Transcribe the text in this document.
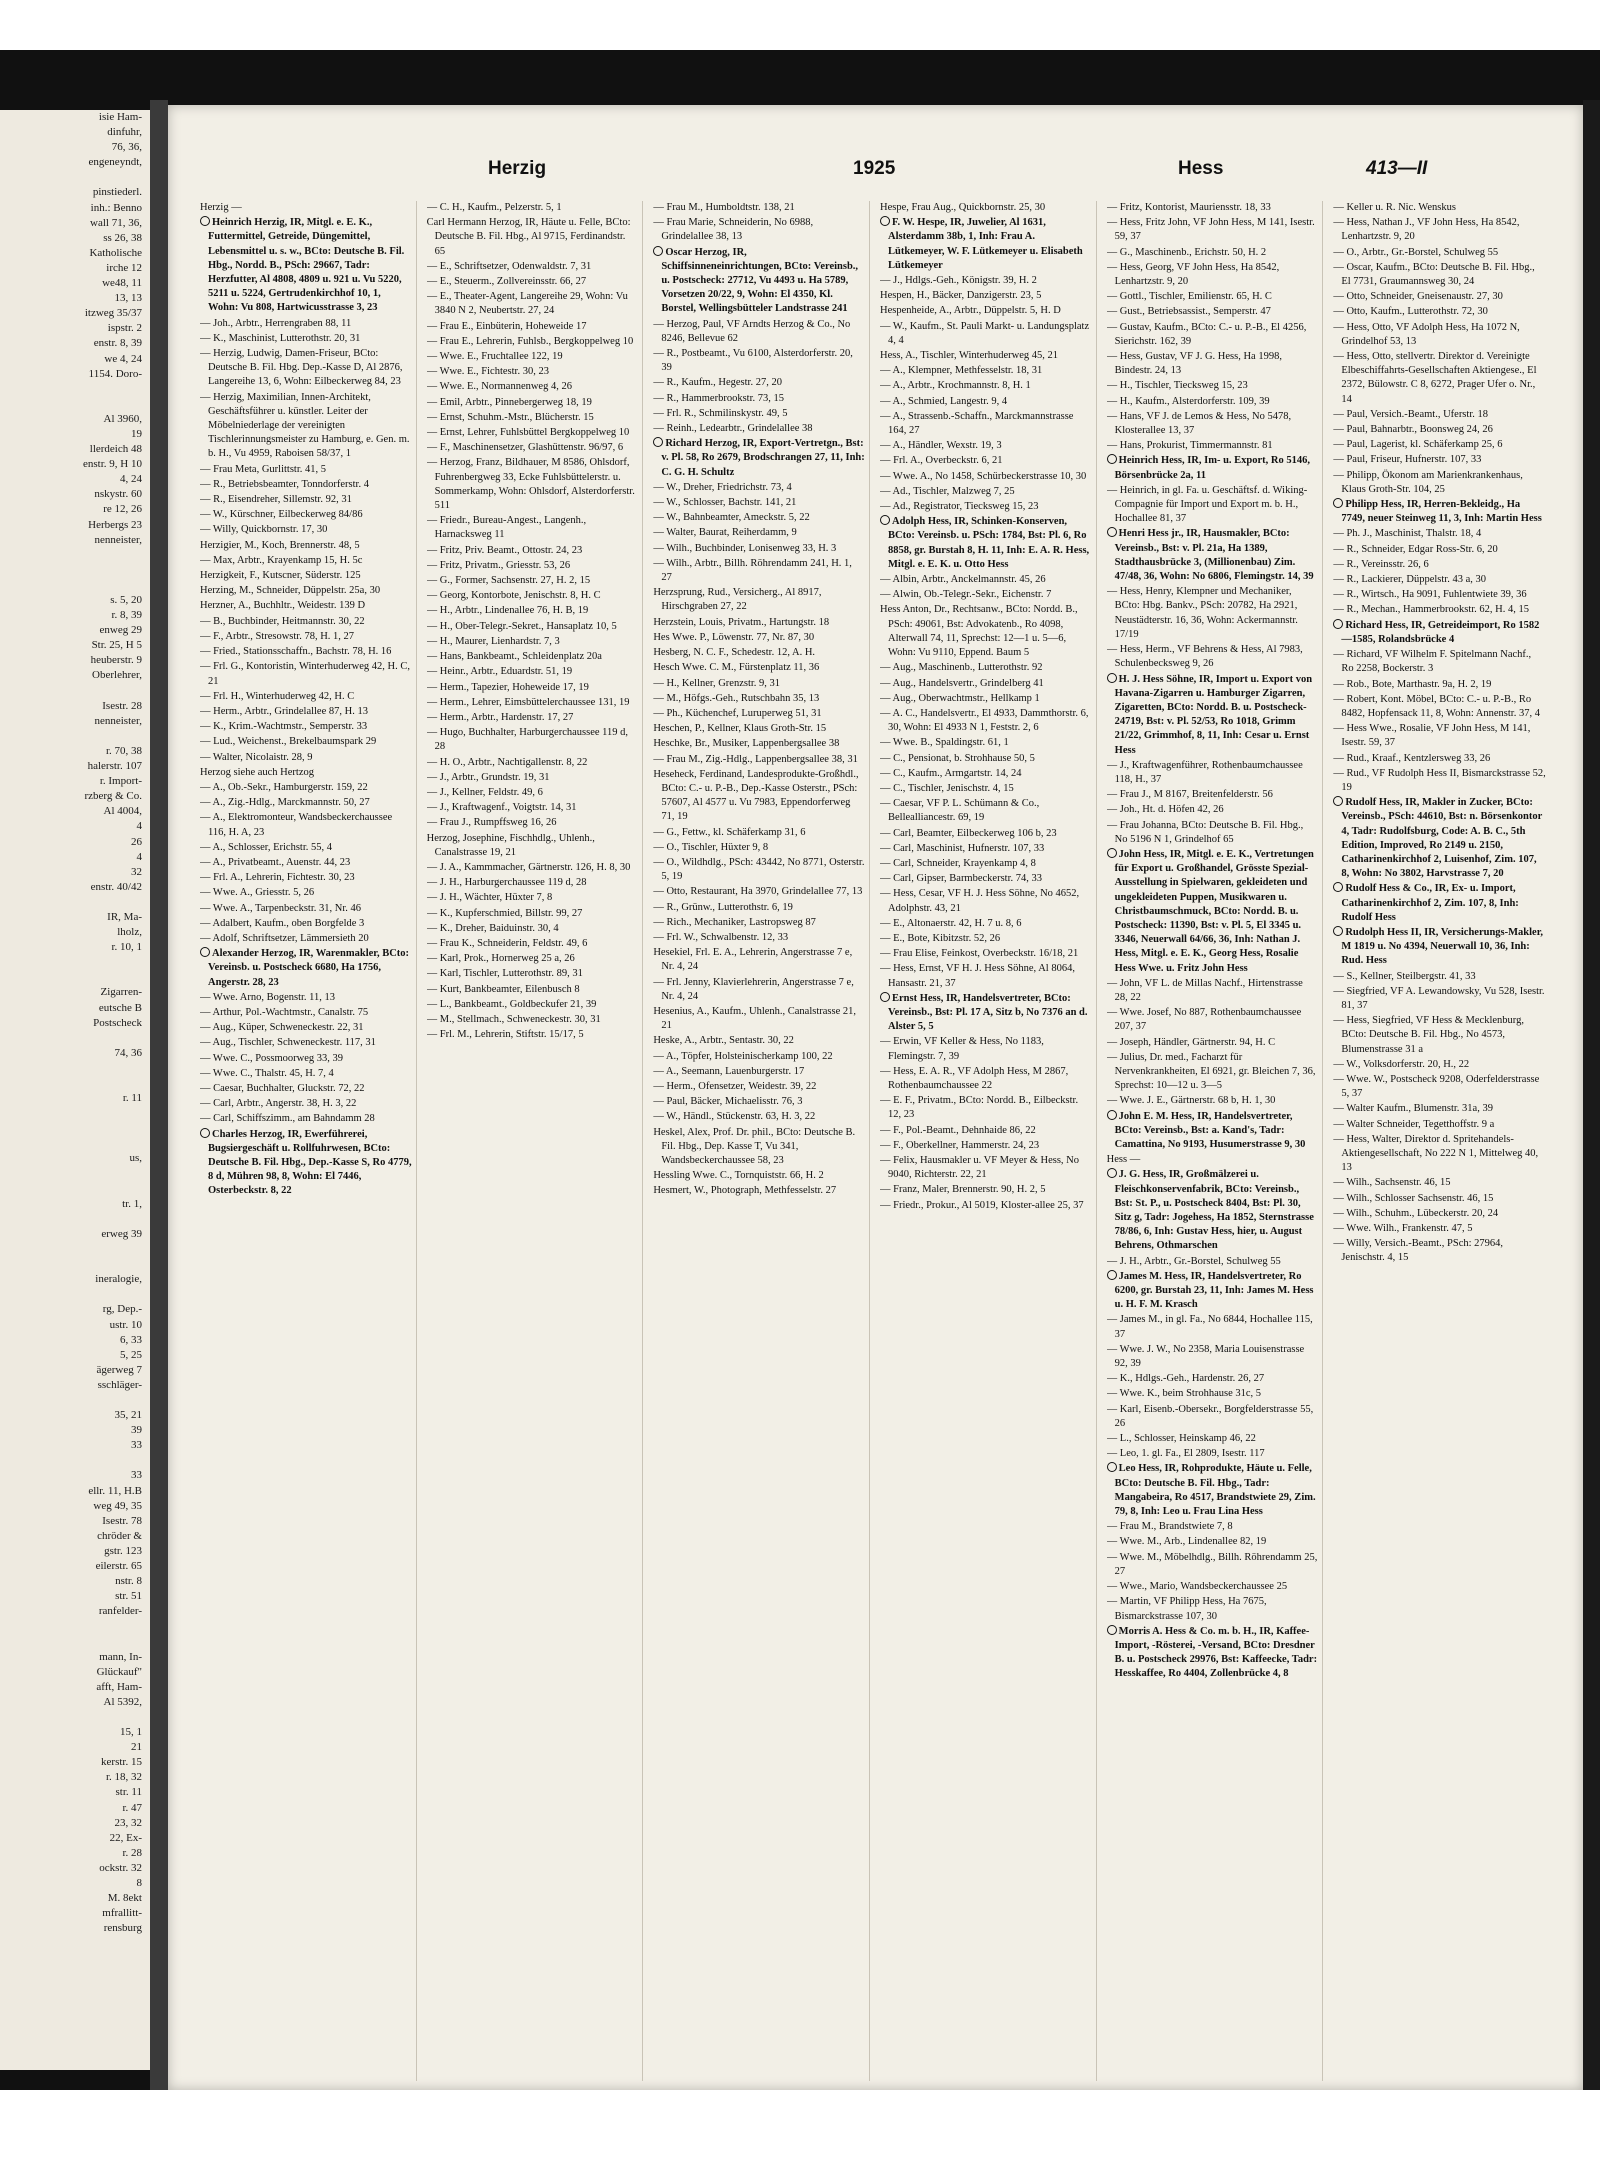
isie Ham-
dinfuhr,
76, 36,
engeneyndt,

pinstiederl.
inh.: Benno
wall 71, 36,
ss 26, 38
Katholische
irche 12
we48, 11
13, 13
itzweg 35/37
ispstr. 2
enstr. 8, 39
we 4, 24
1154. Doro-

Al 3960,
19
llerdeich 48
enstr. 9, H 10
4, 24
nskystr. 60
re 12, 26
Herbergs 23
nenneister,

s. 5, 20
r. 8, 39
enweg 29
Str. 25, H 5
heuberstr. 9
Oberlehrer,

Isestr. 28
nenneister,

r. 70, 38
halerstr. 107
r. Import-
rzberg & Co.
Al 4004,
4
26
4
32
enstr. 40/42

IR, Ma-
lholz,
r. 10, 1

Zigarren-
eutsche B
Postscheck

74, 36

r. 11

us,

tr. 1,

erweg 39

ineralogie,

rg, Dep.-
ustr. 10
6, 33
5, 25
ägerweg 7
sschläger-

35, 21
39
33

33
ellr. 11, H.B
weg 49, 35
Isestr. 78
chröder &
gstr. 123
eilerstr. 65
nstr. 8
str. 51
ranfelder-

mann, In-
Glückauf"
afft, Ham-
Al 5392,

15, 1
21
kerstr. 15
r. 18, 32
str. 11
r. 47
23, 32
22, Ex-
r. 28
ockstr. 32
8
M. 8ekt
mfrallitt-
rensburg
Herzig	1925	Hess	413—II
Herzig —
Heinrich Herzig, IR, Mitgl. e. E. K., Futtermittel, Getreide, Düngemittel, Lebensmittel u. s. w., BCto: Deutsche B. Fil. Hbg., Nordd. B., PSch: 29667, Tadr: Herzfutter, Al 4808, 4809 u. 921 u. Vu 5220, 5211 u. 5224, Gertrudenkirchhof 10, 1, Wohn: Vu 808, Hartwicusstrasse 3, 23
— Joh., Arbtr., Herrengraben 88, 11
— K., Maschinist, Lutterothstr. 20, 31
— Herzig, Ludwig, Damen-Friseur, BCto: Deutsche B. Fil. Hbg. Dep.-Kasse D, Al 2876, Langereihe 13, 6, Wohn: Eilbeckerweg 84, 23
— Herzig, Maximilian, Innen-Architekt, Geschäftsführer u. künstler. Leiter der Möbelniederlage der vereinigten Tischlerinnungsmeister zu Hamburg, e. Gen. m. b. H., Vu 4959, Raboisen 58/37, 1
— Frau Meta, Gurlittstr. 41, 5
— R., Betriebsbeamter, Tonndorferstr. 4
— R., Eisendreher, Sillemstr. 92, 31
— W., Kürschner, Eilbeckerweg 84/86
— Willy, Quickbornstr. 17, 30
Herzigier, M., Koch, Brennerstr. 48, 5
— Max, Arbtr., Krayenkamp 15, H. 5c
Herzigkeit, F., Kutscner, Süderstr. 125
Herzing, M., Schneider, Düppelstr. 25a, 30
Herzner, A., Buchhltr., Weidestr. 139 D
— B., Buchbinder, Heitmannstr. 30, 22
— F., Arbtr., Stresowstr. 78, H. 1, 27
— Fried., Stationsschaffn., Bachstr. 78, H. 16
— Frl. G., Kontoristin, Winterhuderweg 42, H. C, 21
— Frl. H., Winterhuderweg 42, H. C
— Herm., Arbtr., Grindelallee 87, H. 13
— K., Krim.-Wachtmstr., Semperstr. 33
— Lud., Weichenst., Brekelbaumspark 29
— Walter, Nicolaistr. 28, 9
Herzog siehe auch Hertzog
— A., Ob.-Sekr., Hamburgerstr. 159, 22
— A., Zig.-Hdlg., Marckmannstr. 50, 27
— A., Elektromonteur, Wandsbeckerchaussee 116, H. A, 23
— A., Schlosser, Erichstr. 55, 4
— A., Privatbeamt., Auenstr. 44, 23
— Frl. A., Lehrerin, Fichtestr. 30, 23
— Wwe. A., Griesstr. 5, 26
— Wwe. A., Tarpenbeckstr. 31, Nr. 46
— Adalbert, Kaufm., oben Borgfelde 3
— Adolf, Schriftsetzer, Lämmersieth 20
Alexander Herzog, IR, Warenmakler, BCto: Vereinsb. u. Postscheck 6680, Ha 1756, Angerstr. 28, 23
— Wwe. Arno, Bogenstr. 11, 13
— Arthur, Pol.-Wachtmstr., Canalstr. 75
— Aug., Küper, Schweneckestr. 22, 31
— Aug., Tischler, Schweneckestr. 117, 31
— Wwe. C., Possmoorweg 33, 39
— Wwe. C., Thalstr. 45, H. 7, 4
— Caesar, Buchhalter, Gluckstr. 72, 22
— Carl, Arbtr., Angerstr. 38, H. 3, 22
— Carl, Schiffszimm., am Bahndamm 28
Charles Herzog, IR, Ewerführerei, Bugsiergeschäft u. Rollfuhrwesen, BCto: Deutsche B. Fil. Hbg., Dep.-Kasse S, Ro 4779, 8 d, Mühren 98, 8, Wohn: El 7446, Osterbeckstr. 8, 22
— C. H., Kaufm., Pelzerstr. 5, 1
Carl Hermann Herzog, IR, Häute u. Felle, BCto: Deutsche B. Fil. Hbg., Al 9715, Ferdinandstr. 65
— E., Schriftsetzer, Odenwaldstr. 7, 31
— E., Steuerm., Zollvereinsstr. 66, 27
— E., Theater-Agent, Langereihe 29, Wohn: Vu 3840 N 2, Neubertstr. 27, 24
— Frau E., Einbüterin, Hoheweide 17
— Frau E., Lehrerin, Fuhlsb., Bergkoppelweg 10
— Wwe. E., Fruchtallee 122, 19
— Wwe. E., Fichtestr. 30, 23
— Wwe. E., Normannenweg 4, 26
— Emil, Arbtr., Pinnebergerweg 18, 19
— Ernst, Schuhm.-Mstr., Blücherstr. 15
— Ernst, Lehrer, Fuhlsbüttel Bergkoppelweg 10
— F., Maschinensetzer, Glashüttenstr. 96/97, 6
— Herzog, Franz, Bildhauer, M 8586, Ohlsdorf, Fuhrenbergweg 33, Ecke Fuhlsbüttelerstr. u. Sommerkamp, Wohn: Ohlsdorf, Alsterdorferstr. 511
— Friedr., Bureau-Angest., Langenh., Harnacksweg 11
— Fritz, Priv. Beamt., Ottostr. 24, 23
— Fritz, Privatm., Griesstr. 53, 26
— G., Former, Sachsenstr. 27, H. 2, 15
— Georg, Kontorbote, Jenischstr. 8, H. C
— H., Arbtr., Lindenallee 76, H. B, 19
— H., Ober-Telegr.-Sekret., Hansaplatz 10, 5
— H., Maurer, Lienhardstr. 7, 3
— Hans, Bankbeamt., Schleidenplatz 20a
— Heinr., Arbtr., Eduardstr. 51, 19
— Herm., Tapezier, Hoheweide 17, 19
— Herm., Lehrer, Eimsbüttelerchaussee 131, 19
— Herm., Arbtr., Hardenstr. 17, 27
— Hugo, Buchhalter, Harburgerchaussee 119 d, 28
— H. O., Arbtr., Nachtigallenstr. 8, 22
— J., Arbtr., Grundstr. 19, 31
— J., Kellner, Feldstr. 49, 6
— J., Kraftwagenf., Voigtstr. 14, 31
— Frau J., Rumpffsweg 16, 26
Herzog, Josephine, Fischhdlg., Uhlenh., Canalstrasse 19, 21
— J. A., Kammmacher, Gärtnerstr. 126, H. 8, 30
— J. H., Harburgerchaussee 119 d, 28
— J. H., Wächter, Hüxter 7, 8
— K., Kupferschmied, Billstr. 99, 27
— K., Dreher, Baiduinstr. 30, 4
— Frau K., Schneiderin, Feldstr. 49, 6
— Karl, Prok., Hornerweg 25 a, 26
— Karl, Tischler, Lutterothstr. 89, 31
— Kurt, Bankbeamter, Eilenbusch 8
— L., Bankbeamt., Goldbeckufer 21, 39
— M., Stellmach., Schweneckestr. 30, 31
— Frl. M., Lehrerin, Stiftstr. 15/17, 5
— Frau M., Humboldtstr. 138, 21
— Frau Marie, Schneiderin, No 6988, Grindelallee 38, 13
Oscar Herzog, IR, Schiffsinneneinrichtungen, BCto: Vereinsb., u. Postscheck: 27712, Vu 4493 u. Ha 5789, Vorsetzen 20/22, 9, Wohn: El 4350, Kl. Borstel, Wellingsbütteler Landstrasse 241
— Herzog, Paul, VF Arndts Herzog & Co., No 8246, Bellevue 62
— R., Postbeamt., Vu 6100, Alsterdorferstr. 20, 39
— R., Kaufm., Hegestr. 27, 20
— R., Hammerbrookstr. 73, 15
— Frl. R., Schmilinskystr. 49, 5
— Reinh., Ledearbtr., Grindelallee 38
Richard Herzog, IR, Export-Vertretgn., Bst: v. Pl. 58, Ro 2679, Brodschrangen 27, 11, Inh: C. G. H. Schultz
— W., Dreher, Friedrichstr. 73, 4
— W., Schlosser, Bachstr. 141, 21
— W., Bahnbeamter, Ameckstr. 5, 22
— Walter, Baurat, Reiherdamm, 9
— Wilh., Buchbinder, Lonisenweg 33, H. 3
— Wilh., Arbtr., Billh. Röhrendamm 241, H. 1, 27
Herzsprung, Rud., Versicherg., Al 8917, Hirschgraben 27, 22
Herzstein, Louis, Privatm., Hartungstr. 18
Hes Wwe. P., Löwenstr. 77, Nr. 87, 30
Hesberg, N. C. F., Schedestr. 12, A. H.
Hesch Wwe. C. M., Fürstenplatz 11, 36
— H., Kellner, Grenzstr. 9, 31
— M., Höfgs.-Geh., Rutschbahn 35, 13
— Ph., Küchenchef, Luruperweg 51, 31
Heschen, P., Kellner, Klaus Groth-Str. 15
Heschke, Br., Musiker, Lappenbergsallee 38
— Frau M., Zig.-Hdlg., Lappenbergsallee 38, 31
Heseheck, Ferdinand, Landesprodukte-Großhdl., BCto: C.- u. P.-B., Dep.-Kasse Osterstr., PSch: 57607, Al 4577 u. Vu 7983, Eppendorferweg 71, 19
— G., Fettw., kl. Schäferkamp 31, 6
— O., Tischler, Hüxter 9, 8
— O., Wildhdlg., PSch: 43442, No 8771, Osterstr. 5, 19
— Otto, Restaurant, Ha 3970, Grindelallee 77, 13
— R., Grünw., Lutterothstr. 6, 19
— Rich., Mechaniker, Lastropsweg 87
— Frl. W., Schwalbenstr. 12, 33
Hesekiel, Frl. E. A., Lehrerin, Angerstrasse 7 e, Nr. 4, 24
— Frl. Jenny, Klavierlehrerin, Angerstrasse 7 e, Nr. 4, 24
Hesenius, A., Kaufm., Uhlenh., Canalstrasse 21, 21
Heske, A., Arbtr., Sentastr. 30, 22
— A., Töpfer, Holsteinischerkamp 100, 22
— A., Seemann, Lauenburgerstr. 17
— Herm., Ofensetzer, Weidestr. 39, 22
— Paul, Bäcker, Michaelisstr. 76, 3
— W., Händl., Stückenstr. 63, H. 3, 22
Heskel, Alex, Prof. Dr. phil., BCto: Deutsche B. Fil. Hbg., Dep. Kasse T, Vu 341, Wandsbeckerchaussee 58, 23
Hessling Wwe. C., Tornquiststr. 66, H. 2
Hesmert, W., Photograph, Methfesselstr. 27
Hespe, Frau Aug., Quickbornstr. 25, 30
F. W. Hespe, IR, Juwelier, Al 1631, Alsterdamm 38b, 1, Inh: Frau A. Lütkemeyer, W. F. Lütkemeyer u. Elisabeth Lütkemeyer
— J., Hdlgs.-Geh., Königstr. 39, H. 2
Hespen, H., Bäcker, Danzigerstr. 23, 5
Hespenheide, A., Arbtr., Düppelstr. 5, H. D
— W., Kaufm., St. Pauli Markt- u. Landungsplatz 4, 4
Hess, A., Tischler, Winterhuderweg 45, 21
— A., Klempner, Methfesselstr. 18, 31
— A., Arbtr., Krochmannstr. 8, H. 1
— A., Schmied, Langestr. 9, 4
— A., Strassenb.-Schaffn., Marckmannstrasse 164, 27
— A., Händler, Wexstr. 19, 3
— Frl. A., Overbeckstr. 6, 21
— Wwe. A., No 1458, Schürbeckerstrasse 10, 30
— Ad., Tischler, Malzweg 7, 25
— Ad., Registrator, Tiecksweg 15, 23
Adolph Hess, IR, Schinken-Konserven, BCto: Vereinsb. u. PSch: 1784, Bst: Pl. 6, Ro 8858, gr. Burstah 8, H. 11, Inh: E. A. R. Hess, Mitgl. e. E. K. u. Otto Hess
— Albin, Arbtr., Anckelmannstr. 45, 26
— Alwin, Ob.-Telegr.-Sekr., Eichenstr. 7
Hess Anton, Dr., Rechtsanw., BCto: Nordd. B., PSch: 49061, Bst: Advokatenb., Ro 4098, Alterwall 74, 11, Sprechst: 12—1 u. 5—6, Wohn: Vu 9110, Eppend. Baum 5
— Aug., Maschinenb., Lutterothstr. 92
— Aug., Handelsvertr., Grindelberg 41
— Aug., Oberwachtmstr., Hellkamp 1
— A. C., Handelsvertr., El 4933, Dammthorstr. 6, 30, Wohn: El 4933 N 1, Feststr. 2, 6
— Wwe. B., Spaldingstr. 61, 1
— C., Pensionat, b. Strohhause 50, 5
— C., Kaufm., Armgartstr. 14, 24
— C., Tischler, Jenischstr. 4, 15
— Caesar, VF P. L. Schümann & Co., Bellealliancestr. 69, 19
— Carl, Beamter, Eilbeckerweg 106 b, 23
— Carl, Maschinist, Hufnerstr. 107, 33
— Carl, Schneider, Krayenkamp 4, 8
— Carl, Gipser, Barmbeckerstr. 74, 33
— Hess, Cesar, VF H. J. Hess Söhne, No 4652, Adolphstr. 43, 21
— E., Altonaerstr. 42, H. 7 u. 8, 6
— E., Bote, Kibitzstr. 52, 26
— Frau Elise, Feinkost, Overbeckstr. 16/18, 21
— Hess, Ernst, VF H. J. Hess Söhne, Al 8064, Hansastr. 21, 37
Ernst Hess, IR, Handelsvertreter, BCto: Vereinsb., Bst: Pl. 17 A, Sitz b, No 7376 an d. Alster 5, 5
— Erwin, VF Keller & Hess, No 1183, Flemingstr. 7, 39
— Hess, E. A. R., VF Adolph Hess, M 2867, Rothenbaumchaussee 22
— E. F., Privatm., BCto: Nordd. B., Eilbeckstr. 12, 23
— F., Pol.-Beamt., Dehnhaide 86, 22
— F., Oberkellner, Hammerstr. 24, 23
— Felix, Hausmakler u. VF Meyer & Hess, No 9040, Richterstr. 22, 21
— Franz, Maler, Brennerstr. 90, H. 2, 5
— Friedr., Prokur., Al 5019, Kloster-allee 25, 37
— Fritz, Kontorist, Mauriensstr. 18, 33
— Hess, Fritz John, VF John Hess, M 141, Isestr. 59, 37
— G., Maschinenb., Erichstr. 50, H. 2
— Hess, Georg, VF John Hess, Ha 8542, Lenhartzstr. 9, 20
— Gottl., Tischler, Emilienstr. 65, H. C
— Gust., Betriebsassist., Semperstr. 47
— Gustav, Kaufm., BCto: C.- u. P.-B., El 4256, Sierichstr. 162, 39
— Hess, Gustav, VF J. G. Hess, Ha 1998, Bindestr. 24, 13
— H., Tischler, Tiecksweg 15, 23
— H., Kaufm., Alsterdorferstr. 109, 39
— Hans, VF J. de Lemos & Hess, No 5478, Klosterallee 13, 37
— Hans, Prokurist, Timmermannstr. 81
Heinrich Hess, IR, Im- u. Export, Ro 5146, Börsenbrücke 2a, 11
— Heinrich, in gl. Fa. u. Geschäftsf. d. Wiking-Compagnie für Import und Export m. b. H., Hochallee 81, 37
Henri Hess jr., IR, Hausmakler, BCto: Vereinsb., Bst: v. Pl. 21a, Ha 1389, Stadthausbrücke 3, (Millionenbau) Zim. 47/48, 36, Wohn: No 6806, Flemingstr. 14, 39
— Hess, Henry, Klempner und Mechaniker, BCto: Hbg. Bankv., PSch: 20782, Ha 2921, Neustädterstr. 16, 36, Wohn: Ackermannstr. 17/19
— Hess, Herm., VF Behrens & Hess, Al 7983, Schulenbecksweg 9, 26
H. J. Hess Söhne, IR, Import u. Export von Havana-Zigarren u. Hamburger Zigarren, Zigaretten, BCto: Nordd. B. u. Postscheck-24719, Bst: v. Pl. 52/53, Ro 1018, Grimm 21/22, Grimmhof, 8, 11, Inh: Cesar u. Ernst Hess
— J., Kraftwagenführer, Rothenbaumchaussee 118, H., 37
— Frau J., M 8167, Breitenfelderstr. 56
— Joh., Ht. d. Höfen 42, 26
— Frau Johanna, BCto: Deutsche B. Fil. Hbg., No 5196 N 1, Grindelhof 65
John Hess, IR, Mitgl. e. E. K., Vertretungen für Export u. Großhandel, Grösste Spezial-Ausstellung in Spielwaren, gekleideten und ungekleideten Puppen, Musikwaren u. Christbaumschmuck, BCto: Nordd. B. u. Postscheck: 11390, Bst: v. Pl. 5, El 3345 u. 3346, Neuerwall 64/66, 36, Inh: Nathan J. Hess, Mitgl. e. E. K., Georg Hess, Rosalie Hess Wwe. u. Fritz John Hess
— John, VF L. de Millas Nachf., Hirtenstrasse 28, 22
— Wwe. Josef, No 887, Rothenbaumchaussee 207, 37
— Joseph, Händler, Gärtnerstr. 94, H. C
— Julius, Dr. med., Facharzt für Nervenkrankheiten, El 6921, gr. Bleichen 7, 36, Sprechst: 10—12 u. 3—5
— Wwe. J. E., Gärtnerstr. 68 b, H. 1, 30
John E. M. Hess, IR, Handelsvertreter, BCto: Vereinsb., Bst: a. Kand's, Tadr: Camattina, No 9193, Husumerstrasse 9, 30
Hess —
J. G. Hess, IR, Großmälzerei u. Fleischkonservenfabrik, BCto: Vereinsb., Bst: St. P., u. Postscheck 8404, Bst: Pl. 30, Sitz g, Tadr: Jogehess, Ha 1852, Sternstrasse 78/86, 6, Inh: Gustav Hess, hier, u. August Behrens, Othmarschen
— J. H., Arbtr., Gr.-Borstel, Schulweg 55
James M. Hess, IR, Handelsvertreter, Ro 6200, gr. Burstah 23, 11, Inh: James M. Hess u. H. F. M. Krasch
— James M., in gl. Fa., No 6844, Hochallee 115, 37
— Wwe. J. W., No 2358, Maria Louisenstrasse 92, 39
— K., Hdlgs.-Geh., Hardenstr. 26, 27
— Wwe. K., beim Strohhause 31c, 5
— Karl, Eisenb.-Obersekr., Borgfelderstrasse 55, 26
— L., Schlosser, Heinskamp 46, 22
— Leo, 1. gl. Fa., El 2809, Isestr. 117
Leo Hess, IR, Rohprodukte, Häute u. Felle, BCto: Deutsche B. Fil. Hbg., Tadr: Mangabeira, Ro 4517, Brandstwiete 29, Zim. 79, 8, Inh: Leo u. Frau Lina Hess
— Frau M., Brandstwiete 7, 8
— Wwe. M., Arb., Lindenallee 82, 19
— Wwe. M., Möbelhdlg., Billh. Röhrendamm 25, 27
— Wwe., Mario, Wandsbeckerchaussee 25
— Martin, VF Philipp Hess, Ha 7675, Bismarckstrasse 107, 30
Morris A. Hess & Co. m. b. H., IR, Kaffee-Import, -Rösterei, -Versand, BCto: Dresdner B. u. Postscheck 29976, Bst: Kaffeecke, Tadr: Hesskaffee, Ro 4404, Zollenbrücke 4, 8
— Keller u. R. Nic. Wenskus
— Hess, Nathan J., VF John Hess, Ha 8542, Lenhartzstr. 9, 20
— O., Arbtr., Gr.-Borstel, Schulweg 55
— Oscar, Kaufm., BCto: Deutsche B. Fil. Hbg., El 7731, Graumannsweg 30, 24
— Otto, Schneider, Gneisenaustr. 27, 30
— Otto, Kaufm., Lutterothstr. 72, 30
— Hess, Otto, VF Adolph Hess, Ha 1072 N, Grindelhof 53, 13
— Hess, Otto, stellvertr. Direktor d. Vereinigte Elbeschiffahrts-Gesellschaften Aktiengese., El 2372, Bülowstr. C 8, 6272, Prager Ufer o. Nr., 14
— Paul, Versich.-Beamt., Uferstr. 18
— Paul, Bahnarbtr., Boonsweg 24, 26
— Paul, Lagerist, kl. Schäferkamp 25, 6
— Paul, Friseur, Hufnerstr. 107, 33
— Philipp, Ökonom am Marienkrankenhaus, Klaus Groth-Str. 104, 25
Philipp Hess, IR, Herren-Bekleidg., Ha 7749, neuer Steinweg 11, 3, Inh: Martin Hess
— Ph. J., Maschinist, Thalstr. 18, 4
— R., Schneider, Edgar Ross-Str. 6, 20
— R., Vereinsstr. 26, 6
— R., Lackierer, Düppelstr. 43 a, 30
— R., Wirtsch., Ha 9091, Fuhlentwiete 39, 36
— R., Mechan., Hammerbrookstr. 62, H. 4, 15
Richard Hess, IR, Getreideimport, Ro 1582—1585, Rolandsbrücke 4
— Richard, VF Wilhelm F. Spitelmann Nachf., Ro 2258, Bockerstr. 3
— Rob., Bote, Marthastr. 9a, H. 2, 19
— Robert, Kont. Möbel, BCto: C.- u. P.-B., Ro 8482, Hopfensack 11, 8, Wohn: Annenstr. 37, 4
— Hess Wwe., Rosalie, VF John Hess, M 141, Isestr. 59, 37
— Rud., Kraaf., Kentzlersweg 33, 26
— Rud., VF Rudolph Hess II, Bismarckstrasse 52, 19
Rudolf Hess, IR, Makler in Zucker, BCto: Vereinsb., PSch: 44610, Bst: n. Börsenkontor 4, Tadr: Rudolfsburg, Code: A. B. C., 5th Edition, Improved, Ro 2149 u. 2150, Catharinenkirchhof 2, Luisenhof, Zim. 107, 8, Wohn: No 3802, Harvstrasse 7, 20
Rudolf Hess & Co., IR, Ex- u. Import, Catharinenkirchhof 2, Zim. 107, 8, Inh: Rudolf Hess
Rudolph Hess II, IR, Versicherungs-Makler, M 1819 u. No 4394, Neuerwall 10, 36, Inh: Rud. Hess
— S., Kellner, Steilbergstr. 41, 33
— Siegfried, VF A. Lewandowsky, Vu 528, Isestr. 81, 37
— Hess, Siegfried, VF Hess & Mecklenburg, BCto: Deutsche B. Fil. Hbg., No 4573, Blumenstrasse 31 a
— W., Volksdorferstr. 20, H., 22
— Wwe. W., Postscheck 9208, Oderfelderstrasse 5, 37
— Walter Kaufm., Blumenstr. 31a, 39
— Walter Schneider, Tegetthoffstr. 9 a
— Hess, Walter, Direktor d. Spritehandels-Aktiengesellschaft, No 222 N 1, Mittelweg 40, 13
— Wilh., Sachsenstr. 46, 15
— Wilh., Schlosser Sachsenstr. 46, 15
— Wilh., Schuhm., Lübeckerstr. 20, 24
— Wwe. Wilh., Frankenstr. 47, 5
— Willy, Versich.-Beamt., PSch: 27964, Jenischstr. 4, 15
